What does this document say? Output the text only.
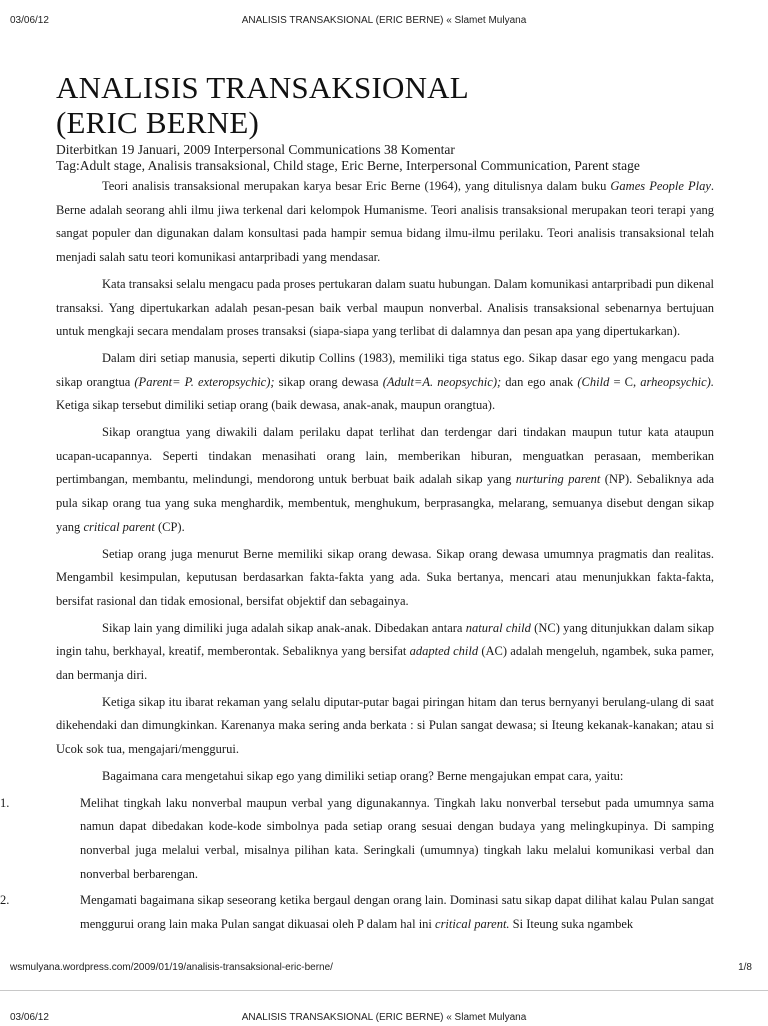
03/06/12	ANALISIS TRANSAKSIONAL (ERIC BERNE) « Slamet Mulyana
ANALISIS TRANSAKSIONAL
(ERIC BERNE)
Diterbitkan 19 Januari, 2009 Interpersonal Communications 38 Komentar
Tag:Adult stage, Analisis transaksional, Child stage, Eric Berne, Interpersonal Communication, Parent stage

Teori analisis transaksional merupakan karya besar Eric Berne (1964), yang ditulisnya dalam buku Games People Play. Berne adalah seorang ahli ilmu jiwa terkenal dari kelompok Humanisme. Teori analisis transaksional merupakan teori terapi yang sangat populer dan digunakan dalam konsultasi pada hampir semua bidang ilmu-ilmu perilaku. Teori analisis transaksional telah menjadi salah satu teori komunikasi antarpribadi yang mendasar.

Kata transaksi selalu mengacu pada proses pertukaran dalam suatu hubungan. Dalam komunikasi antarpribadi pun dikenal transaksi. Yang dipertukarkan adalah pesan-pesan baik verbal maupun nonverbal. Analisis transaksional sebenarnya bertujuan untuk mengkaji secara mendalam proses transaksi (siapa-siapa yang terlibat di dalamnya dan pesan apa yang dipertukarkan).

Dalam diri setiap manusia, seperti dikutip Collins (1983), memiliki tiga status ego. Sikap dasar ego yang mengacu pada sikap orangtua (Parent= P. exteropsychic); sikap orang dewasa (Adult=A. neopsychic); dan ego anak (Child = C, arheopsychic). Ketiga sikap tersebut dimiliki setiap orang (baik dewasa, anak-anak, maupun orangtua).

Sikap orangtua yang diwakili dalam perilaku dapat terlihat dan terdengar dari tindakan maupun tutur kata ataupun ucapan-ucapannya. Seperti tindakan menasihati orang lain, memberikan hiburan, menguatkan perasaan, memberikan pertimbangan, membantu, melindungi, mendorong untuk berbuat baik adalah sikap yang nurturing parent (NP). Sebaliknya ada pula sikap orang tua yang suka menghardik, membentuk, menghukum, berprasangka, melarang, semuanya disebut dengan sikap yang critical parent (CP).

Setiap orang juga menurut Berne memiliki sikap orang dewasa. Sikap orang dewasa umumnya pragmatis dan realitas. Mengambil kesimpulan, keputusan berdasarkan fakta-fakta yang ada. Suka bertanya, mencari atau menunjukkan fakta-fakta, bersifat rasional dan tidak emosional, bersifat objektif dan sebagainya.

Sikap lain yang dimiliki juga adalah sikap anak-anak. Dibedakan antara natural child (NC) yang ditunjukkan dalam sikap ingin tahu, berkhayal, kreatif, memberontak. Sebaliknya yang bersifat adapted child (AC) adalah mengeluh, ngambek, suka pamer, dan bermanja diri.

Ketiga sikap itu ibarat rekaman yang selalu diputar-putar bagai piringan hitam dan terus bernyanyi berulang-ulang di saat dikehendaki dan dimungkinkan. Karenanya maka sering anda berkata : si Pulan sangat dewasa; si Iteung kekanak-kanakan; atau si Ucok sok tua, mengajari/menggurui.

Bagaimana cara mengetahui sikap ego yang dimiliki setiap orang? Berne mengajukan empat cara, yaitu:

1.	Melihat tingkah laku nonverbal maupun verbal yang digunakannya. Tingkah laku nonverbal tersebut pada umumnya sama namun dapat dibedakan kode-kode simbolnya pada setiap orang sesuai dengan budaya yang melingkupinya. Di samping nonverbal juga melalui verbal, misalnya pilihan kata. Seringkali (umumnya) tingkah laku melalui komunikasi verbal dan nonverbal berbarengan.
2.	Mengamati bagaimana sikap seseorang ketika bergaul dengan orang lain. Dominasi satu sikap dapat dilihat kalau Pulan sangat menggurui orang lain maka Pulan sangat dikuasai oleh P dalam hal ini critical parent. Si Iteung suka ngambek
wsmulyana.wordpress.com/2009/01/19/analisis-transaksional-eric-berne/	1/8
03/06/12	ANALISIS TRANSAKSIONAL (ERIC BERNE) « Slamet Mulyana
